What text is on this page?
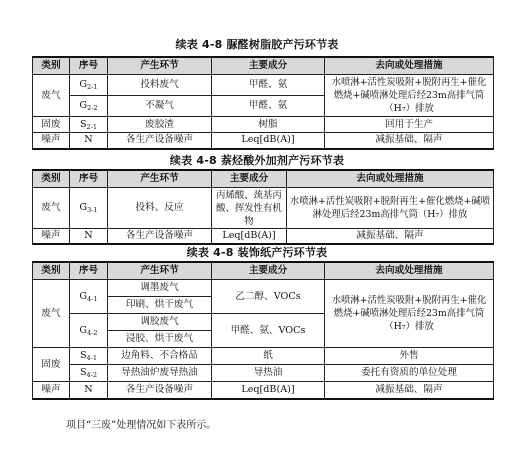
续表 4-8 脲醛树脂胶产污环节表
类别	序号	产生环节	主要成分	去向或处理措施
废气	$G_{2-1}$	投料废气	甲醛、氨	水喷淋+活性炭吸附+脱附再生+催化燃烧+碱喷淋处理后经23m高排气筒（H₇）排放
	$G_{2-2}$	不凝气	甲醛、氨	
固废	$S_{2-1}$	废胶渣	树脂	回用于生产
噪声	N	各生产设备噪声	Leq[dB(A)]	减振基础、隔声
续表 4-8 萘烃酸外加剂产污环节表
类别	序号	产生环节	主要成分	去向或处理措施
废气	$G_{3-1}$	投料、反应	丙烯酸、巯基丙酸、挥发性有机物	水喷淋+活性炭吸附+脱附再生+催化燃烧+碱喷淋处理后经23m高排气筒（H₇）排放
噪声	N	各生产设备噪声	Leq[dB(A)]	减振基础、隔声
续表 4-8 装饰纸产污环节表
类别	序号	产生环节	主要成分	去向或处理措施
废气	$G_{4-1}$	调墨废气	乙二醇、VOCs	水喷淋+活性炭吸附+脱附再生+催化燃烧+碱喷淋处理后经23m高排气筒（H₇）排放
		印刷、烘干废气		
	$G_{4-2}$	调胶废气	甲醛、氨、VOCs	
		浸胶、烘干废气		
固废	$S_{4-1}$	边角料、不合格品	纸	外售
	$S_{4-2}$	导热油炉废导热油	导热油	委托有资质的单位处理
噪声	N	各生产设备噪声	Leq[dB(A)]	减振基础、隔声
项目“三废”处理情况如下表所示。
